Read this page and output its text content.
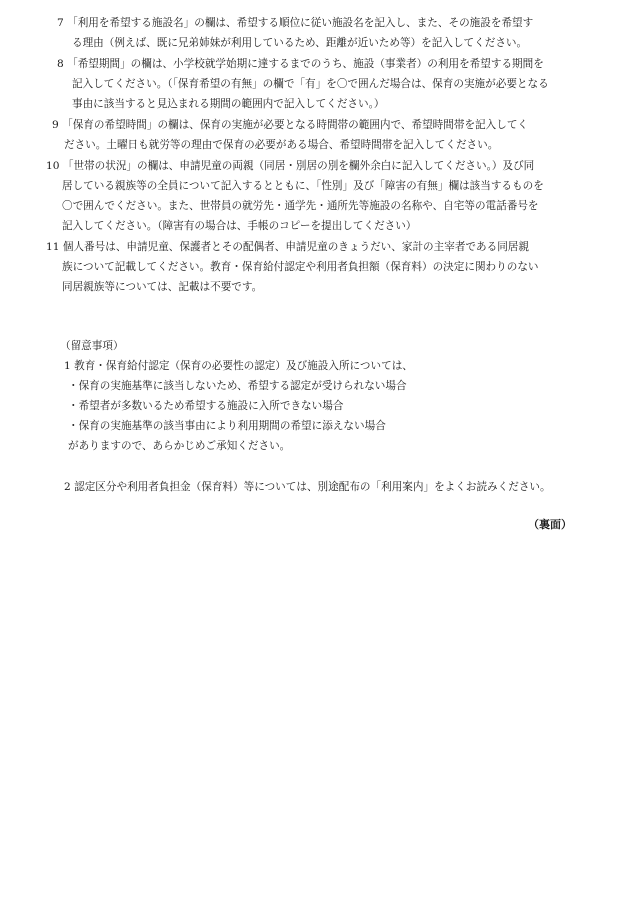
7 「利用を希望する施設名」の欄は、希望する順位に従い施設名を記入し、また、その施設を希望す
る理由（例えば、既に兄弟姉妹が利用しているため、距離が近いため等）を記入してください。
8 「希望期間」の欄は、小学校就学始期に達するまでのうち、施設（事業者）の利用を希望する期間を
記入してください。（「保育希望の有無」の欄で「有」を〇で囲んだ場合は、保育の実施が必要となる
事由に該当すると見込まれる期間の範囲内で記入してください。）
9 「保育の希望時間」の欄は、保育の実施が必要となる時間帯の範囲内で、希望時間帯を記入してく
ださい。土曜日も就労等の理由で保育の必要がある場合、希望時間帯を記入してください。
10 「世帯の状況」の欄は、申請児童の両親（同居・別居の別を欄外余白に記入してください。）及び同
居している親族等の全員について記入するとともに、「性別」及び「障害の有無」欄は該当するものを
〇で囲んでください。また、世帯員の就労先・通学先・通所先等施設の名称や、自宅等の電話番号を
記入してください。（障害有の場合は、手帳のコピーを提出してください）
11 個人番号は、申請児童、保護者とその配偶者、申請児童のきょうだい、家計の主宰者である同居親
族について記載してください。教育・保育給付認定や利用者負担額（保育料）の決定に関わりのない
同居親族等については、記載は不要です。
（留意事項）
1 教育・保育給付認定（保育の必要性の認定）及び施設入所については、
・保育の実施基準に該当しないため、希望する認定が受けられない場合
・希望者が多数いるため希望する施設に入所できない場合
・保育の実施基準の該当事由により利用期間の希望に添えない場合
がありますので、あらかじめご承知ください。
2 認定区分や利用者負担金（保育料）等については、別途配布の「利用案内」をよくお読みください。
（裏面）
